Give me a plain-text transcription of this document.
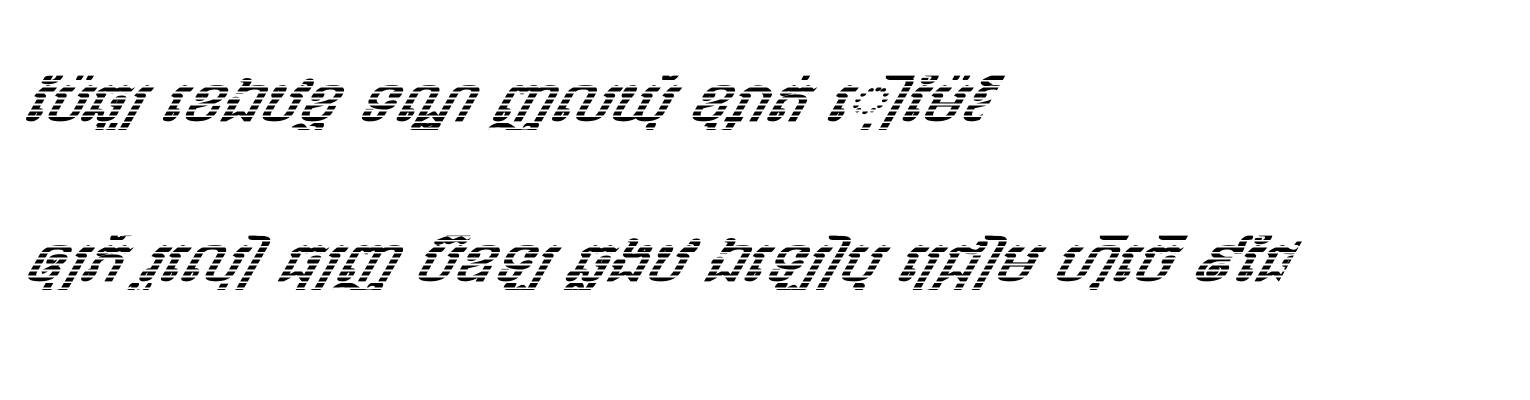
ប៉ែឆ្ឃុ ខេឯឋខ្ញ ទណ្ឌ ញលឃុំ ខ្សាត់ ឿម៉ៃឱ
ឲ្យភ៍ រួលៀ ធ្យញុ ប៊ីឧឡ ឆ្លងឋ ឯឡៀឫ ជ្រៀម ហ៊ីចើ ៩ផៃ អ្នកគ្រូ
